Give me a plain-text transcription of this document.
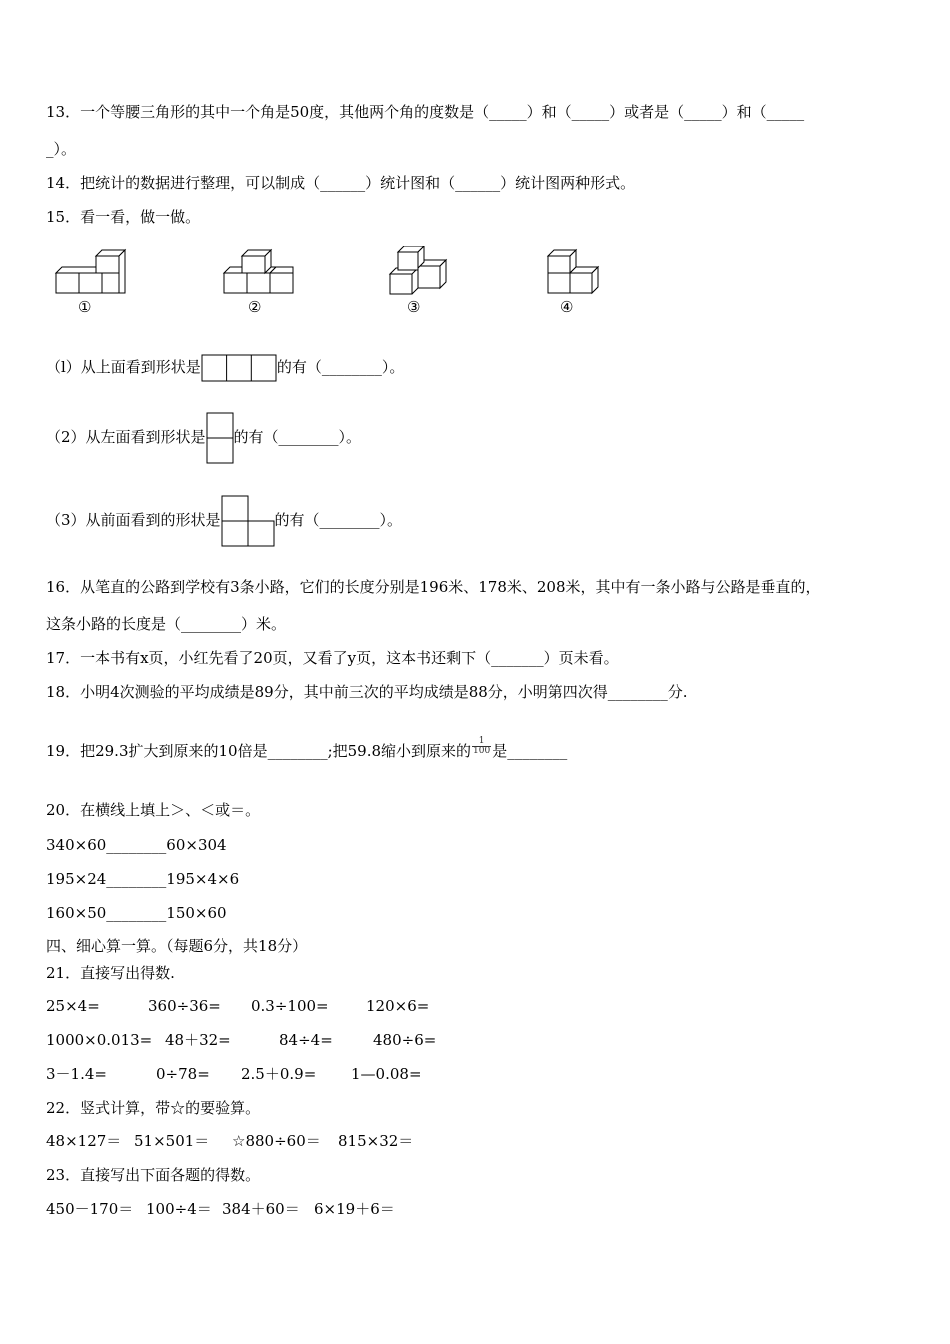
13．一个等腰三角形的其中一个角是50度，其他两个角的度数是（_____）和（_____）或者是（_____）和（_____
_）。
14．把统计的数据进行整理，可以制成（______）统计图和（______）统计图两种形式。
15．看一看，做一做。
①	②	③	④
（l）从上面看到形状是	的有（________）。
（2）从左面看到形状是 的有（________）。
（3）从前面看到的形状是	的有（________）。
16．从笔直的公路到学校有3条小路，它们的长度分别是196米、178米、208米，其中有一条小路与公路是垂直的，
这条小路的长度是（________）米。
17．一本书有x页，小红先看了20页，又看了y页，这本书还剩下（_______）页未看。
18．小明4次测验的平均成绩是89分，其中前三次的平均成绩是88分，小明第四次得________分.
19．把29.3扩大到原来的10倍是________;把59.8缩小到原来的 $\frac{1}{100}$ 是________
20．在横线上填上＞、＜或＝。
340×60________60×304
195×24________195×4×6
160×50________150×60
四、细心算一算。（每题6分，共18分）
21．直接写出得数.
25×4=	360÷36= 0.3÷100= 120×6=
1000×0.013= 48＋32=	84÷4=	480÷6=
3－1.4=	0÷78= 2.5＋0.9= 1—0.08=
22．竖式计算，带☆的要验算。
48×127＝ 51×501＝ ☆880÷60＝ 815×32＝
23．直接写出下面各题的得数。
450－170＝ 100÷4＝ 384＋60＝ 6×19＋6＝
